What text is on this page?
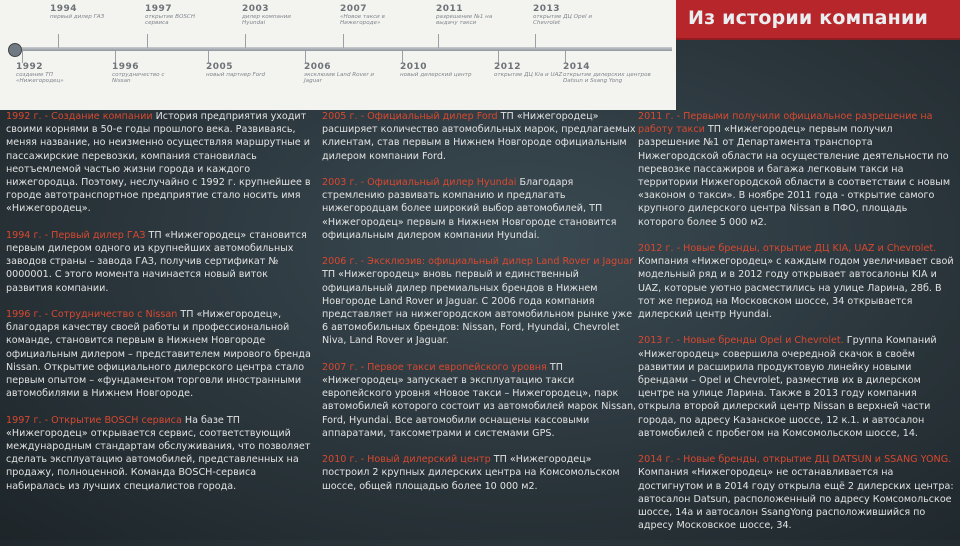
1994
первый дилер ГАЗ
1997
открытие BOSCH сервиса
2003
дилер компании Hyundai
2007
«Новое такси в Нижегороде»
2011
разрешение №1 на выдачу такси
2013
открытие ДЦ Opel и Chevrolet
1992
создание ТП «Нижегородец»
1996
сотрудничество с Nissan
2005
новый партнер Ford
2006
эксклюзив Land Rover и Jaguar
2010
новый дилерский центр
2012
открытие ДЦ Kia и UAZ
2014
открытие дилерских центров Datsun и Ssang Yong
Из истории компании

1992 г. - Создание компании История предприятия уходит своими корнями в 50-е годы прошлого века. Развиваясь, меняя название, но неизменно осуществляя маршрутные и пассажирские перевозки, компания становилась неотъемлемой частью жизни города и каждого нижегородца. Поэтому, неслучайно с 1992 г. крупнейшее в городе автотранспортное предприятие стало носить имя «Нижегородец».

1994 г. - Первый дилер ГАЗ ТП «Нижегородец» становится первым дилером одного из крупнейших автомобильных заводов страны – завода ГАЗ, получив сертификат № 0000001. С этого момента начинается новый виток развития компании.

1996 г. - Сотрудничество с Nissan ТП «Нижегородец», благодаря качеству своей работы и профессиональной команде, становится первым в Нижнем Новгороде официальным дилером – представителем мирового бренда Nissan. Открытие официального дилерского центра стало первым опытом – «фундаментом торговли иностранными автомобилями в Нижнем Новгороде.

1997 г. - Открытие BOSCH сервиса На базе ТП «Нижегородец» открывается сервис, соответствующий международным стандартам обслуживания, что позволяет сделать эксплуатацию автомобилей, представленных на продажу, полноценной. Команда BOSCH-сервиса набиралась из лучших специалистов города.

2005 г. - Официальный дилер Ford ТП «Нижегородец» расширяет количество автомобильных марок, предлагаемых клиентам, став первым в Нижнем Новгороде официальным дилером компании Ford.

2003 г. - Официальный дилер Hyundai Благодаря стремлению развивать компанию и предлагать нижегородцам более широкий выбор автомобилей, ТП «Нижегородец» первым в Нижнем Новгороде становится официальным дилером компании Hyundai.

2006 г. - Эксклюзив: официальный дилер Land Rover и Jaguar ТП «Нижегородец» вновь первый и единственный официальный дилер премиальных брендов в Нижнем Новгороде Land Rover и Jaguar. С 2006 года компания представляет на нижегородском автомобильном рынке уже 6 автомобильных брендов: Nissan, Ford, Hyundai, Chevrolet Niva, Land Rover и Jaguar.

2007 г. - Первое такси европейского уровня ТП «Нижегородец» запускает в эксплуатацию такси европейского уровня «Новое такси – Нижегородец», парк автомобилей которого состоит из автомобилей марок Nissan, Ford, Hyundai. Все автомобили оснащены кассовыми аппаратами, таксометрами и системами GPS.

2010 г. - Новый дилерский центр ТП «Нижегородец» построил 2 крупных дилерских центра на Комсомольском шоссе, общей площадью более 10 000 м2.

2011 г. - Первыми получили официальное разрешение на работу такси ТП «Нижегородец» первым получил разрешение №1 от Департамента транспорта Нижегородской области на осуществление деятельности по перевозке пассажиров и багажа легковым такси на территории Нижегородской области в соответствии с новым «законом о такси». В ноябре 2011 года - открытие самого крупного дилерского центра Nissan в ПФО, площадь которого более 5 000 м2.

2012 г. - Новые бренды, открытие ДЦ KIA, UAZ и Chevrolet. Компания «Нижегородец» с каждым годом увеличивает свой модельный ряд и в 2012 году открывает автосалоны KIA и UAZ, которые уютно расместились на улице Ларина, 28б. В тот же период на Московском шоссе, 34 открывается дилерский центр Hyundai.

2013 г. - Новые бренды Opel и Chevrolet. Группа Компаний «Нижегородец» совершила очередной скачок в своём развитии и расширила продуктовую линейку новыми брендами – Opel и Chevrolet, разместив их в дилерском центре на улице Ларина. Также в 2013 году компания открыла второй дилерский центр Nissan в верхней части города, по адресу Казанское шоссе, 12 к.1. и автосалон автомобилей с пробегом на Комсомольском шоссе, 14.

2014 г. - Новые бренды, открытие ДЦ DATSUN и SSANG YONG. Компания «Нижегородец» не останавливается на достигнутом и в 2014 году открыла ещё 2 дилерских центра: автосалон Datsun, расположенный по адресу Комсомольское шоссе, 14а и автосалон SsangYong расположившийся по адресу Московское шоссе, 34.
